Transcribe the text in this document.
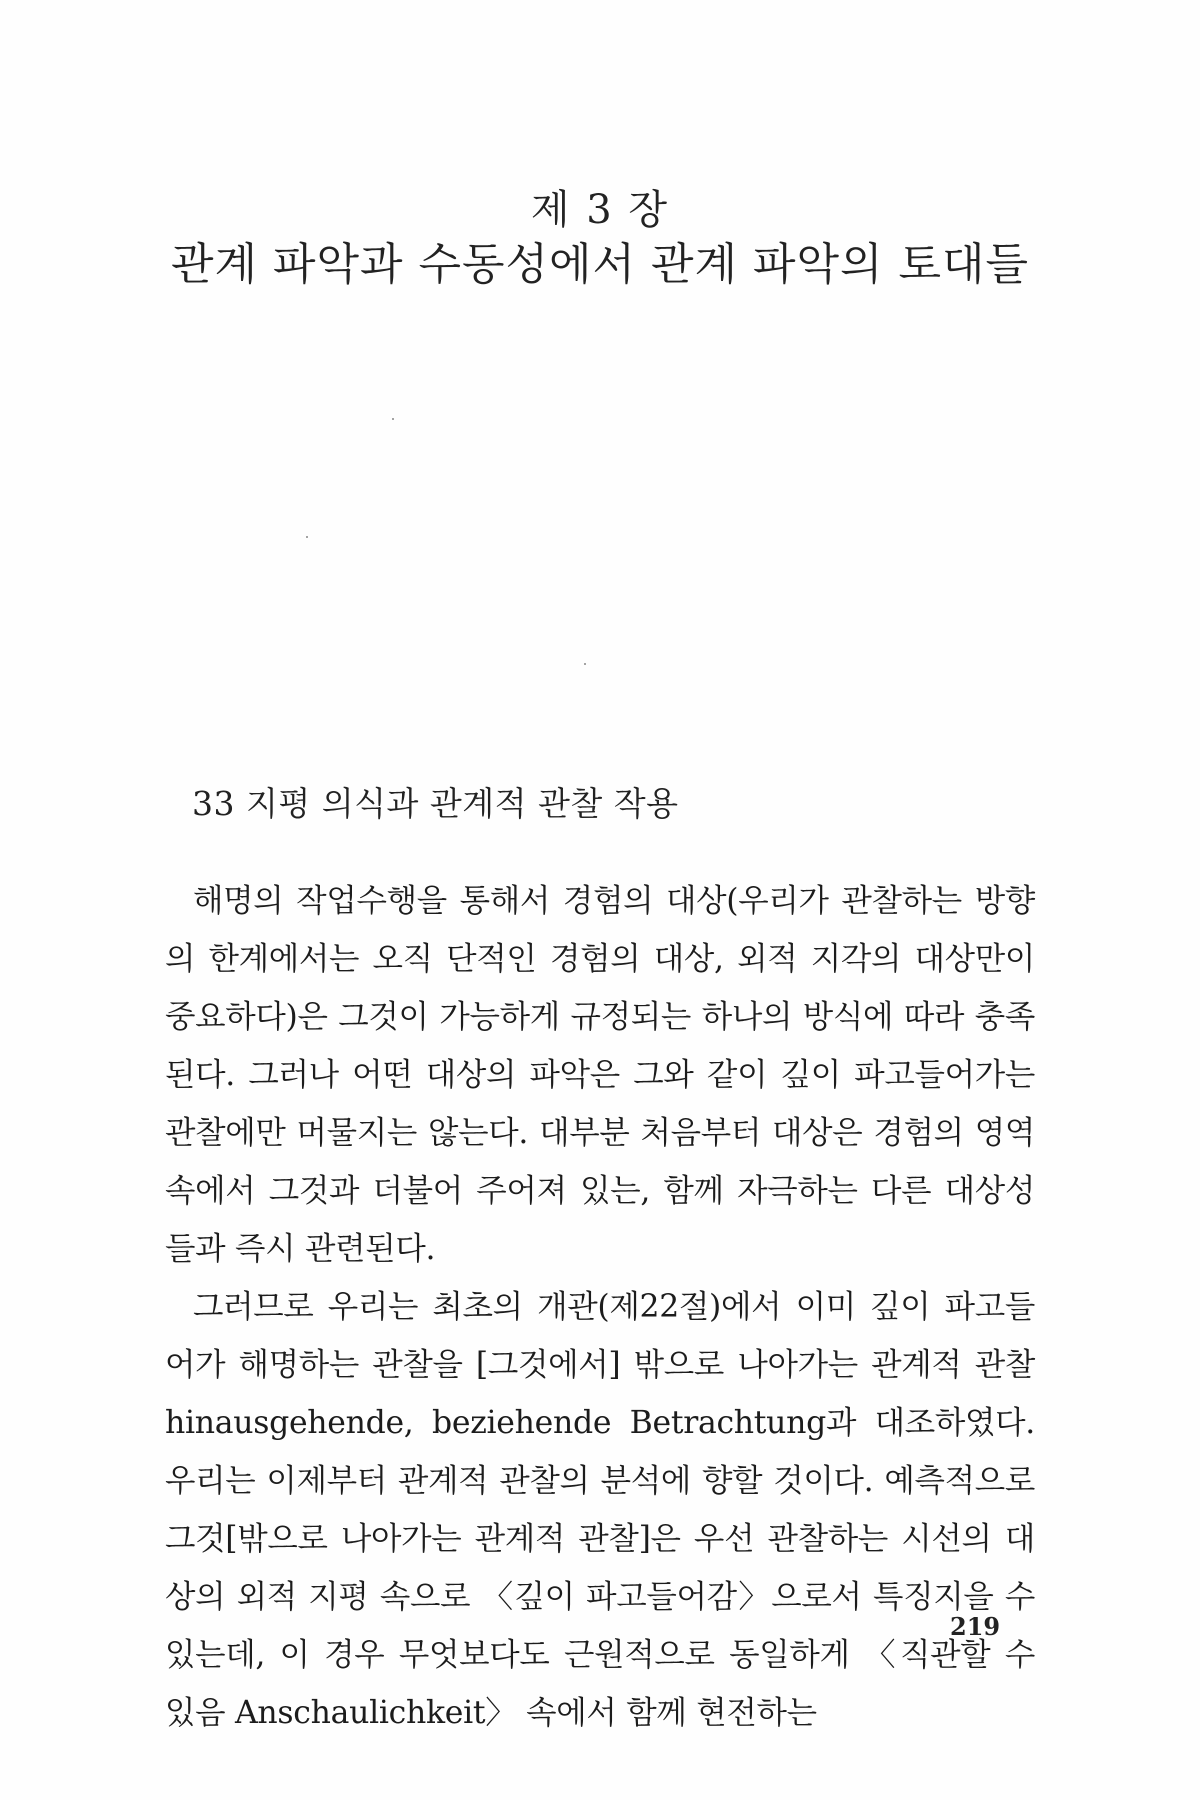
제 3 장
관계 파악과 수동성에서 관계 파악의 토대들
33 지평 의식과 관계적 관찰 작용

해명의 작업수행을 통해서 경험의 대상(우리가 관찰하는 방향의 한계에서는 오직 단적인 경험의 대상, 외적 지각의 대상만이 중요하다)은 그것이 가능하게 규정되는 하나의 방식에 따라 충족된다. 그러나 어떤 대상의 파악은 그와 같이 깊이 파고들어가는 관찰에만 머물지는 않는다. 대부분 처음부터 대상은 경험의 영역 속에서 그것과 더불어 주어져 있는, 함께 자극하는 다른 대상성들과 즉시 관련된다.

그러므로 우리는 최초의 개관(제22절)에서 이미 깊이 파고들어가 해명하는 관찰을 [그것에서] 밖으로 나아가는 관계적 관찰 hinausgehende, beziehende Betrachtung과 대조하였다. 우리는 이제부터 관계적 관찰의 분석에 향할 것이다. 예측적으로 그것[밖으로 나아가는 관계적 관찰]은 우선 관찰하는 시선의 대상의 외적 지평 속으로 〈깊이 파고들어감〉으로서 특징지을 수 있는데, 이 경우 무엇보다도 근원적으로 동일하게 〈직관할 수 있음 Anschaulichkeit〉 속에서 함께 현전하는

219
